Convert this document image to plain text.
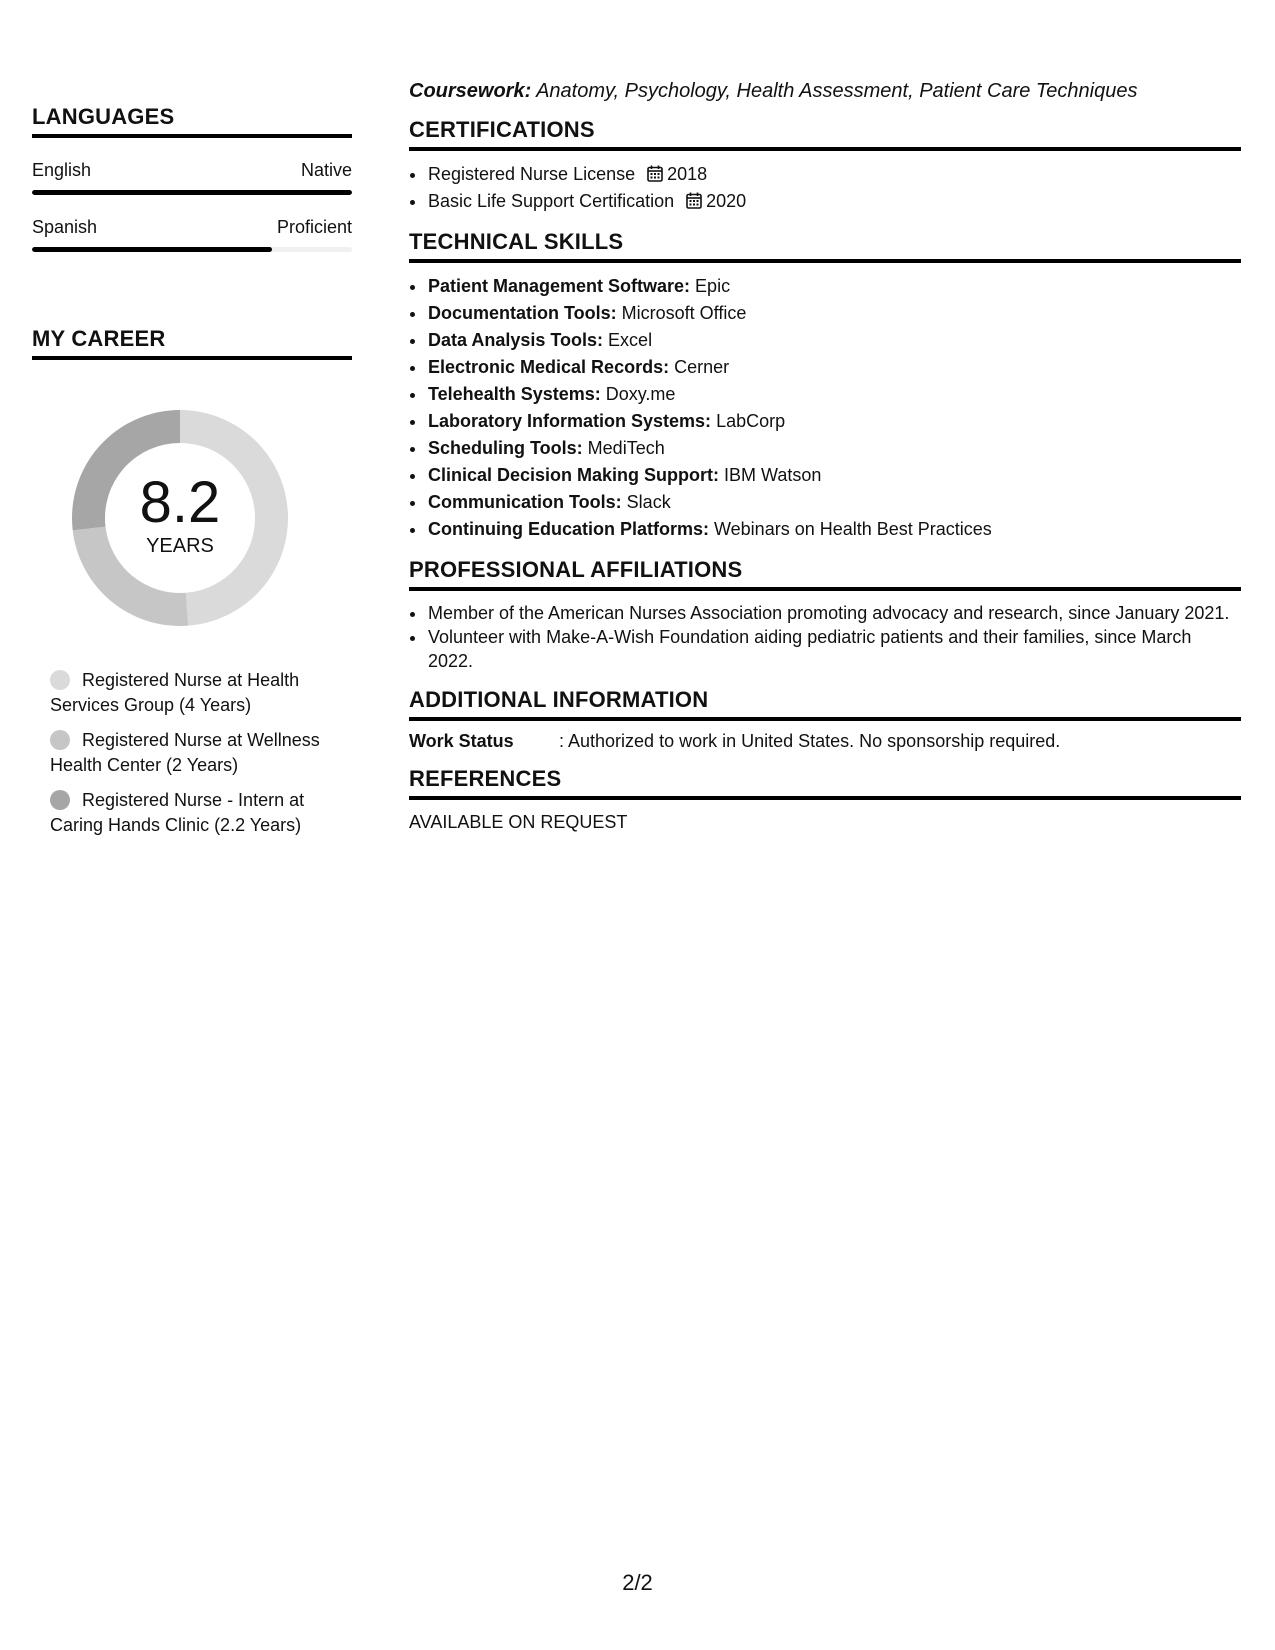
LANGUAGES
English	Native
Spanish	Proficient
MY CAREER
8.2
YEARS
Registered Nurse at Health Services Group (4 Years)
Registered Nurse at Wellness Health Center (2 Years)
Registered Nurse - Intern at Caring Hands Clinic (2.2 Years)

Coursework: Anatomy, Psychology, Health Assessment, Patient Care Techniques

CERTIFICATIONS
• Registered Nurse License 2018
• Basic Life Support Certification 2020
TECHNICAL SKILLS
• Patient Management Software: Epic
• Documentation Tools: Microsoft Office
• Data Analysis Tools: Excel
• Electronic Medical Records: Cerner
• Telehealth Systems: Doxy.me
• Laboratory Information Systems: LabCorp
• Scheduling Tools: MediTech
• Clinical Decision Making Support: IBM Watson
• Communication Tools: Slack
• Continuing Education Platforms: Webinars on Health Best Practices
PROFESSIONAL AFFILIATIONS
• Member of the American Nurses Association promoting advocacy and research, since January 2021.
• Volunteer with Make-A-Wish Foundation aiding pediatric patients and their families, since March 2022.
ADDITIONAL INFORMATION
Work Status	: Authorized to work in United States. No sponsorship required.
REFERENCES
AVAILABLE ON REQUEST
2/2
